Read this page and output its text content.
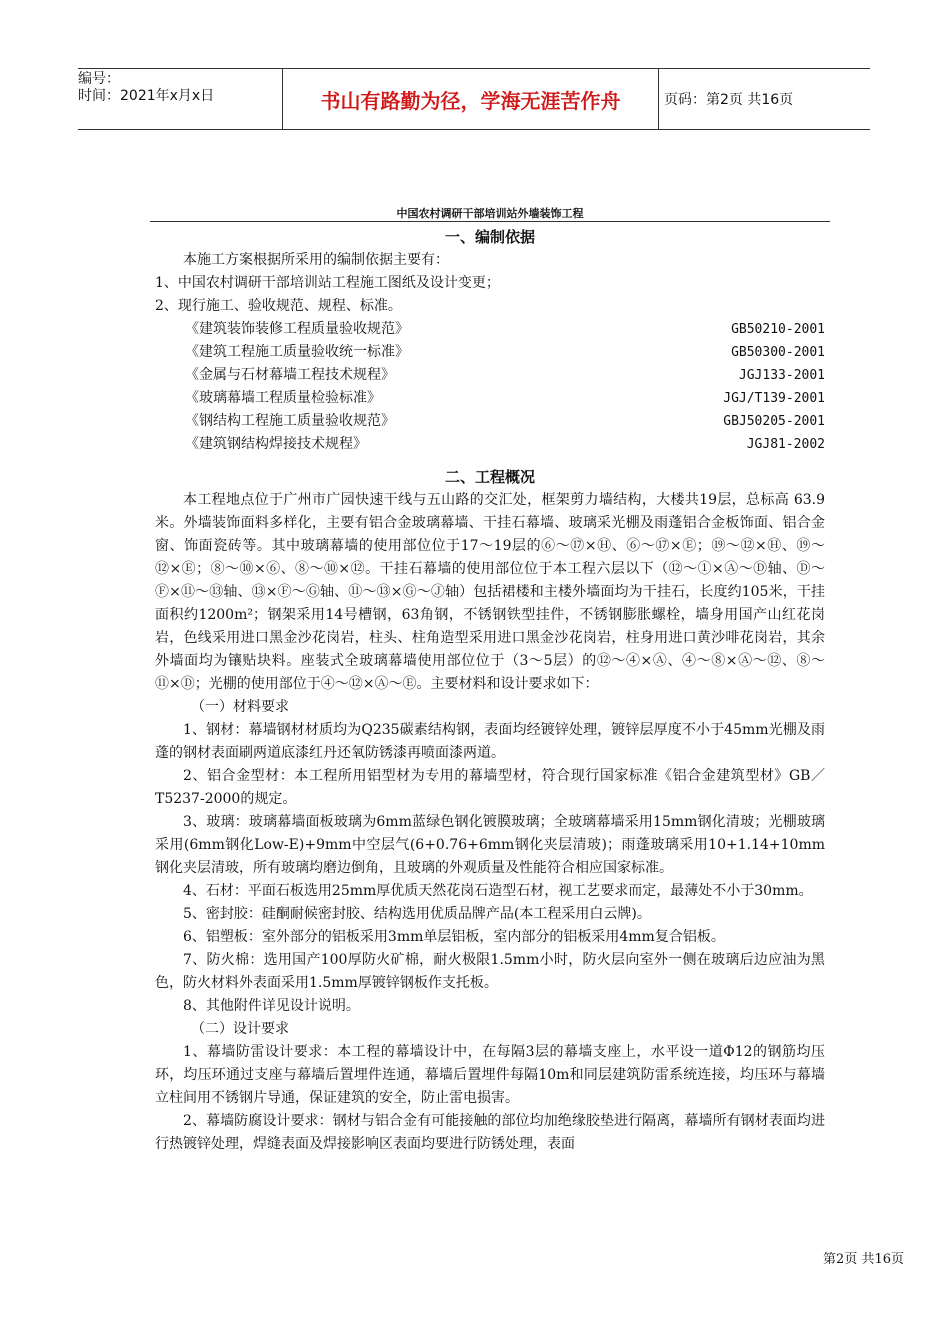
编号：
时间：2021年x月x日	书山有路勤为径，学海无涯苦作舟	页码：第2页 共16页
中国农村调研干部培训站外墙装饰工程
一、编制依据

本施工方案根据所采用的编制依据主要有：

1、中国农村调研干部培训站工程施工图纸及设计变更；

2、现行施工、验收规范、规程、标准。

《建筑装饰装修工程质量验收规范》	GB50210-2001
《建筑工程施工质量验收统一标准》	GB50300-2001
《金属与石材幕墙工程技术规程》	JGJ133-2001
《玻璃幕墙工程质量检验标准》	JGJ/T139-2001
《钢结构工程施工质量验收规范》	GBJ50205-2001
《建筑钢结构焊接技术规程》	JGJ81-2002
二、工程概况

本工程地点位于广州市广园快速干线与五山路的交汇处，框架剪力墙结构，大楼共19层，总标高 63.9 米。外墙装饰面料多样化，主要有铝合金玻璃幕墙、干挂石幕墙、玻璃采光棚及雨蓬铝合金板饰面、铝合金窗、饰面瓷砖等。其中玻璃幕墙的使用部位位于17～19层的⑥～⑰×Ⓗ、⑥～⑰×Ⓔ；⑲～⑫×Ⓗ、⑲～⑫×Ⓔ；⑧～⑩×⑥、⑧～⑩×⑫。干挂石幕墙的使用部位位于本工程六层以下（⑫～①×Ⓐ～Ⓓ轴、Ⓓ～Ⓕ×⑪～⑬轴、⑬×Ⓕ～Ⓖ轴、⑪～⑬×Ⓖ～Ⓙ轴）包括裙楼和主楼外墙面均为干挂石，长度约105米，干挂面积约1200m²；钢架采用14号槽钢，63角钢，不锈钢铁型挂件，不锈钢膨胀螺栓，墙身用国产山红花岗岩，色线采用进口黑金沙花岗岩，柱头、柱角造型采用进口黑金沙花岗岩，柱身用进口黄沙啡花岗岩，其余外墙面均为镶贴块料。座装式全玻璃幕墙使用部位位于（3～5层）的⑫～④×Ⓐ、④～⑧×Ⓐ～⑫、⑧～⑪×Ⓓ；光棚的使用部位于④～⑫×Ⓐ～Ⓔ。主要材料和设计要求如下：

（一）材料要求

1、钢材：幕墙钢材材质均为Q235碳素结构钢，表面均经镀锌处理，镀锌层厚度不小于45mm光棚及雨蓬的钢材表面刷两道底漆红丹还氧防锈漆再喷面漆两道。

2、铝合金型材：本工程所用铝型材为专用的幕墙型材，符合现行国家标准《铝合金建筑型材》GB／T5237-2000的规定。

3、玻璃：玻璃幕墙面板玻璃为6mm蓝绿色钢化镀膜玻璃；全玻璃幕墙采用15mm钢化清玻；光棚玻璃采用(6mm钢化Low-E)+9mm中空层气(6+0.76+6mm钢化夹层清玻)；雨蓬玻璃采用10+1.14+10mm钢化夹层清玻，所有玻璃均磨边倒角，且玻璃的外观质量及性能符合相应国家标准。

4、石材：平面石板选用25mm厚优质天然花岗石造型石材，视工艺要求而定，最薄处不小于30mm。

5、密封胶：硅酮耐候密封胶、结构选用优质品牌产品(本工程采用白云牌)。

6、铝塑板：室外部分的铝板采用3mm单层铝板，室内部分的铝板采用4mm复合铝板。

7、防火棉：选用国产100厚防火矿棉，耐火极限1.5mm小时，防火层向室外一侧在玻璃后边应油为黑色，防火材料外表面采用1.5mm厚镀锌钢板作支托板。

8、其他附件详见设计说明。

（二）设计要求

1、幕墙防雷设计要求：本工程的幕墙设计中，在每隔3层的幕墙支座上，水平设一道Φ12的钢筋均压环，均压环通过支座与幕墙后置埋件连通，幕墙后置埋件每隔10m和同层建筑防雷系统连接，均压环与幕墙立柱间用不锈钢片导通，保证建筑的安全，防止雷电损害。

2、幕墙防腐设计要求：钢材与铝合金有可能接触的部位均加绝缘胶垫进行隔离，幕墙所有钢材表面均进行热镀锌处理，焊缝表面及焊接影响区表面均要进行防锈处理，表面

第2页 共16页
